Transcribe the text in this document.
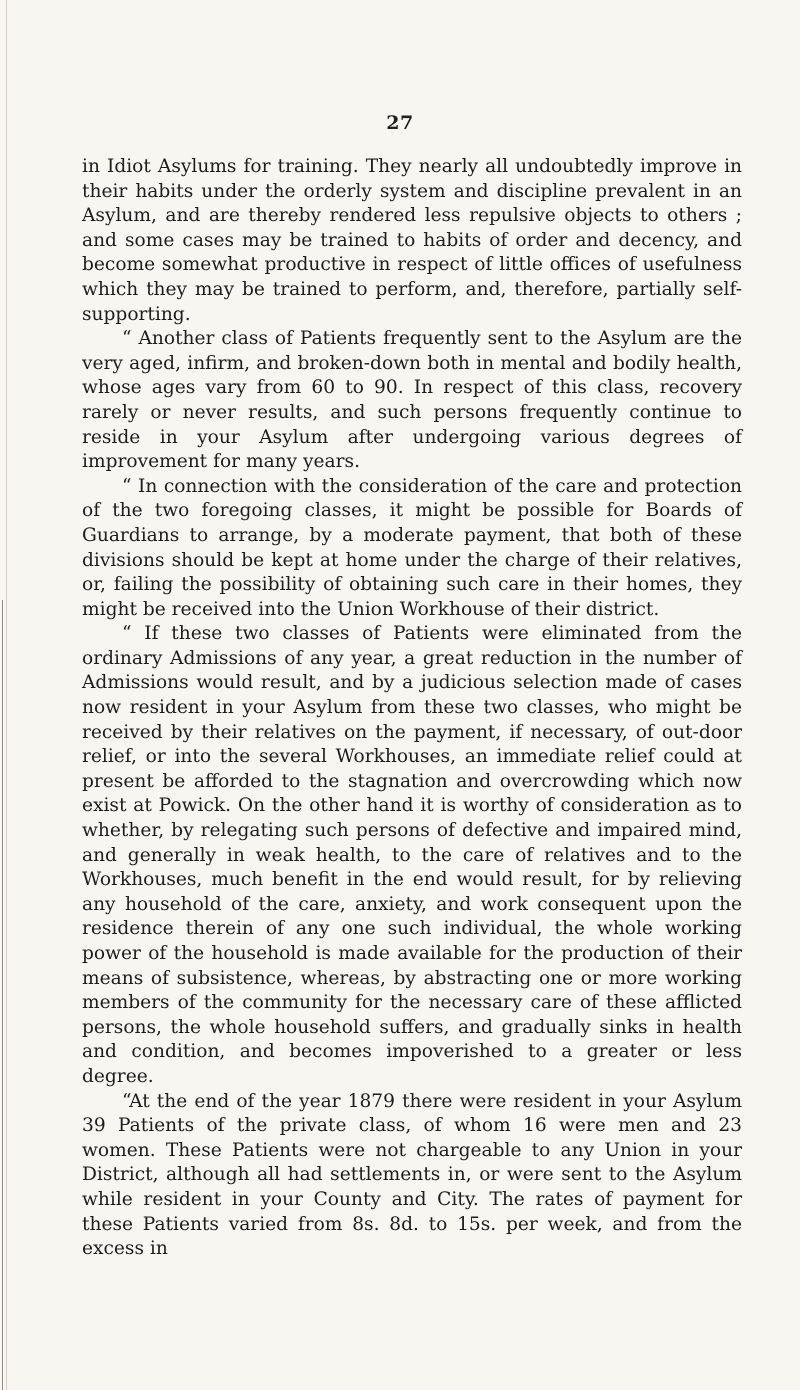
27

in Idiot Asylums for training. They nearly all undoubtedly improve in their habits under the orderly system and discipline prevalent in an Asylum, and are thereby rendered less repulsive objects to others ; and some cases may be trained to habits of order and decency, and become somewhat productive in respect of little offices of usefulness which they may be trained to perform, and, therefore, partially self-supporting.

“ Another class of Patients frequently sent to the Asylum are the very aged, infirm, and broken-down both in mental and bodily health, whose ages vary from 60 to 90. In respect of this class, recovery rarely or never results, and such persons frequently continue to reside in your Asylum after undergoing various degrees of improvement for many years.

“ In connection with the consideration of the care and protection of the two foregoing classes, it might be possible for Boards of Guardians to arrange, by a moderate payment, that both of these divisions should be kept at home under the charge of their relatives, or, failing the possibility of obtaining such care in their homes, they might be received into the Union Workhouse of their district.

“ If these two classes of Patients were eliminated from the ordinary Admissions of any year, a great reduction in the number of Admissions would result, and by a judicious selection made of cases now resident in your Asylum from these two classes, who might be received by their relatives on the payment, if necessary, of out-door relief, or into the several Workhouses, an immediate relief could at present be afforded to the stagnation and overcrowding which now exist at Powick. On the other hand it is worthy of consideration as to whether, by relegating such persons of defective and impaired mind, and generally in weak health, to the care of relatives and to the Workhouses, much benefit in the end would result, for by relieving any household of the care, anxiety, and work consequent upon the residence therein of any one such individual, the whole working power of the household is made available for the production of their means of subsistence, whereas, by abstracting one or more working members of the community for the necessary care of these afflicted persons, the whole household suffers, and gradually sinks in health and condition, and becomes impoverished to a greater or less degree.

“At the end of the year 1879 there were resident in your Asylum 39 Patients of the private class, of whom 16 were men and 23 women. These Patients were not chargeable to any Union in your District, although all had settlements in, or were sent to the Asylum while resident in your County and City. The rates of payment for these Patients varied from 8s. 8d. to 15s. per week, and from the excess in
